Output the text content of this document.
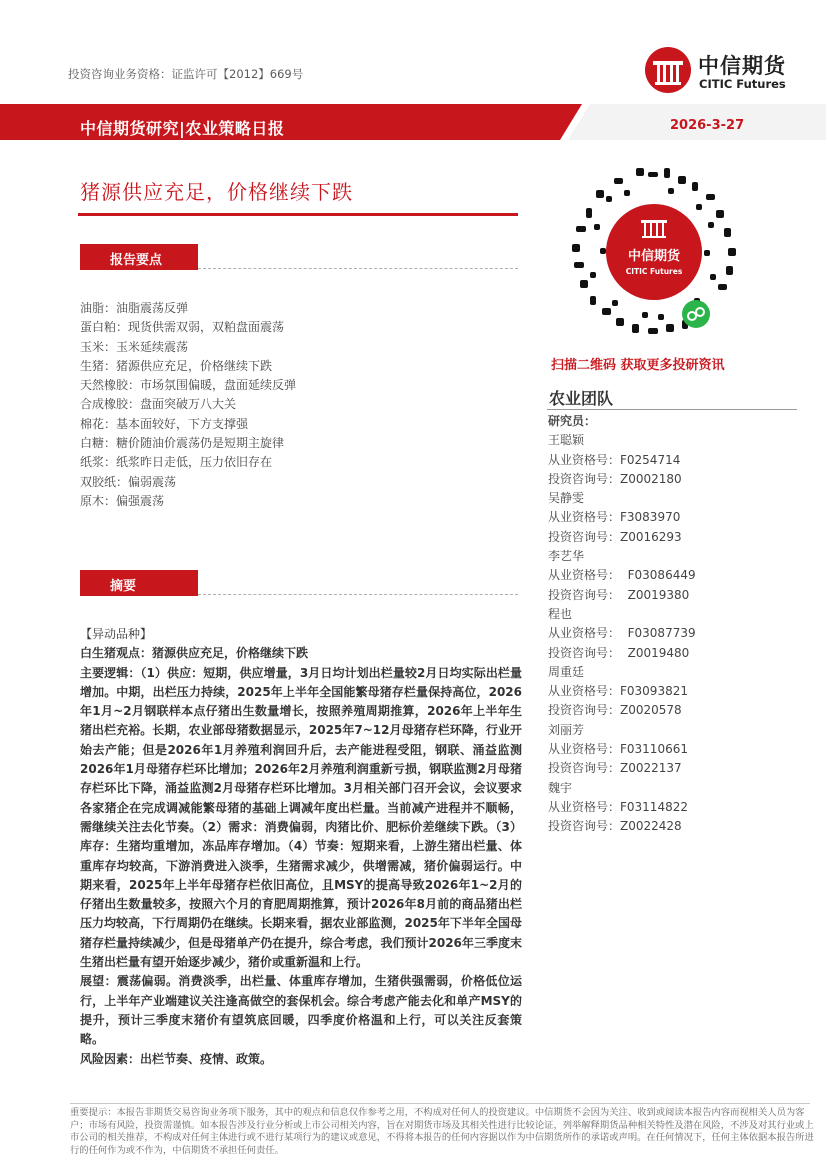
投资咨询业务资格：证监许可【2012】669号	中信期货
CITIC Futures
中信期货研究|农业策略日报	2026-3-27
猪源供应充足，价格继续下跌
报告要点
油脂：油脂震荡反弹
蛋白粕：现货供需双弱，双粕盘面震荡
玉米：玉米延续震荡
生猪：猪源供应充足，价格继续下跌
天然橡胶：市场氛围偏暖，盘面延续反弹
合成橡胶：盘面突破万八大关
棉花：基本面较好，下方支撑强
白糖：糖价随油价震荡仍是短期主旋律
纸浆：纸浆昨日走低，压力依旧存在
双胶纸：偏弱震荡
原木：偏强震荡
摘要

【异动品种】

白生猪观点：猪源供应充足，价格继续下跌

主要逻辑：（1）供应：短期，供应增量，3月日均计划出栏量较2月日均实际出栏量增加。中期，出栏压力持续，2025年上半年全国能繁母猪存栏量保持高位，2026年1月~2月钢联样本点仔猪出生数量增长，按照养殖周期推算，2026年上半年生猪出栏充裕。长期，农业部母猪数据显示，2025年7~12月母猪存栏环降，行业开始去产能；但是2026年1月养殖利润回升后，去产能进程受阻，钢联、涌益监测2026年1月母猪存栏环比增加；2026年2月养殖利润重新亏损，钢联监测2月母猪存栏环比下降，涌益监测2月母猪存栏环比增加。3月相关部门召开会议，会议要求各家猪企在完成调减能繁母猪的基础上调减年度出栏量。当前减产进程并不顺畅，需继续关注去化节奏。（2）需求：消费偏弱，肉猪比价、肥标价差继续下跌。（3）库存：生猪均重增加，冻品库存增加。（4）节奏：短期来看，上游生猪出栏量、体重库存均较高，下游消费进入淡季，生猪需求减少，供增需减，猪价偏弱运行。中期来看，2025年上半年母猪存栏依旧高位，且MSY的提高导致2026年1~2月的仔猪出生数量较多，按照六个月的育肥周期推算，预计2026年8月前的商品猪出栏压力均较高，下行周期仍在继续。长期来看，据农业部监测，2025年下半年全国母猪存栏量持续减少，但是母猪单产仍在提升，综合考虑，我们预计2026年三季度末生猪出栏量有望开始逐步减少，猪价或重新温和上行。

展望：震荡偏弱。消费淡季，出栏量、体重库存增加，生猪供强需弱，价格低位运行，上半年产业端建议关注逢高做空的套保机会。综合考虑产能去化和单产MSY的提升，预计三季度末猪价有望筑底回暖，四季度价格温和上行，可以关注反套策略。

风险因素：出栏节奏、疫情、政策。

中信期货
CITIC Futures
扫描二维码 获取更多投研资讯
农业团队
研究员：
王聪颖
从业资格号：F0254714
投资咨询号：Z0002180
吴静雯
从业资格号：F3083970
投资咨询号：Z0016293
李艺华
从业资格号：  F03086449
投资咨询号：  Z0019380
程也
从业资格号：  F03087739
投资咨询号：  Z0019480
周重廷
从业资格号：F03093821
投资咨询号：Z0020578
刘丽芳
从业资格号：F03110661
投资咨询号：Z0022137
魏宇
从业资格号：F03114822
投资咨询号：Z0022428
重要提示：本报告非期货交易咨询业务项下服务，其中的观点和信息仅作参考之用，不构成对任何人的投资建议。中信期货不会因为关注、收到或阅读本报告内容而视相关人员为客户；市场有风险，投资需谨慎。如本报告涉及行业分析或上市公司相关内容，旨在对期货市场及其相关性进行比较论证，列举解释期货品种相关特性及潜在风险，不涉及对其行业或上市公司的相关推荐，不构成对任何主体进行或不进行某项行为的建议或意见，不得将本报告的任何内容据以作为中信期货所作的承诺或声明。在任何情况下，任何主体依据本报告所进行的任何作为或不作为，中信期货不承担任何责任。
